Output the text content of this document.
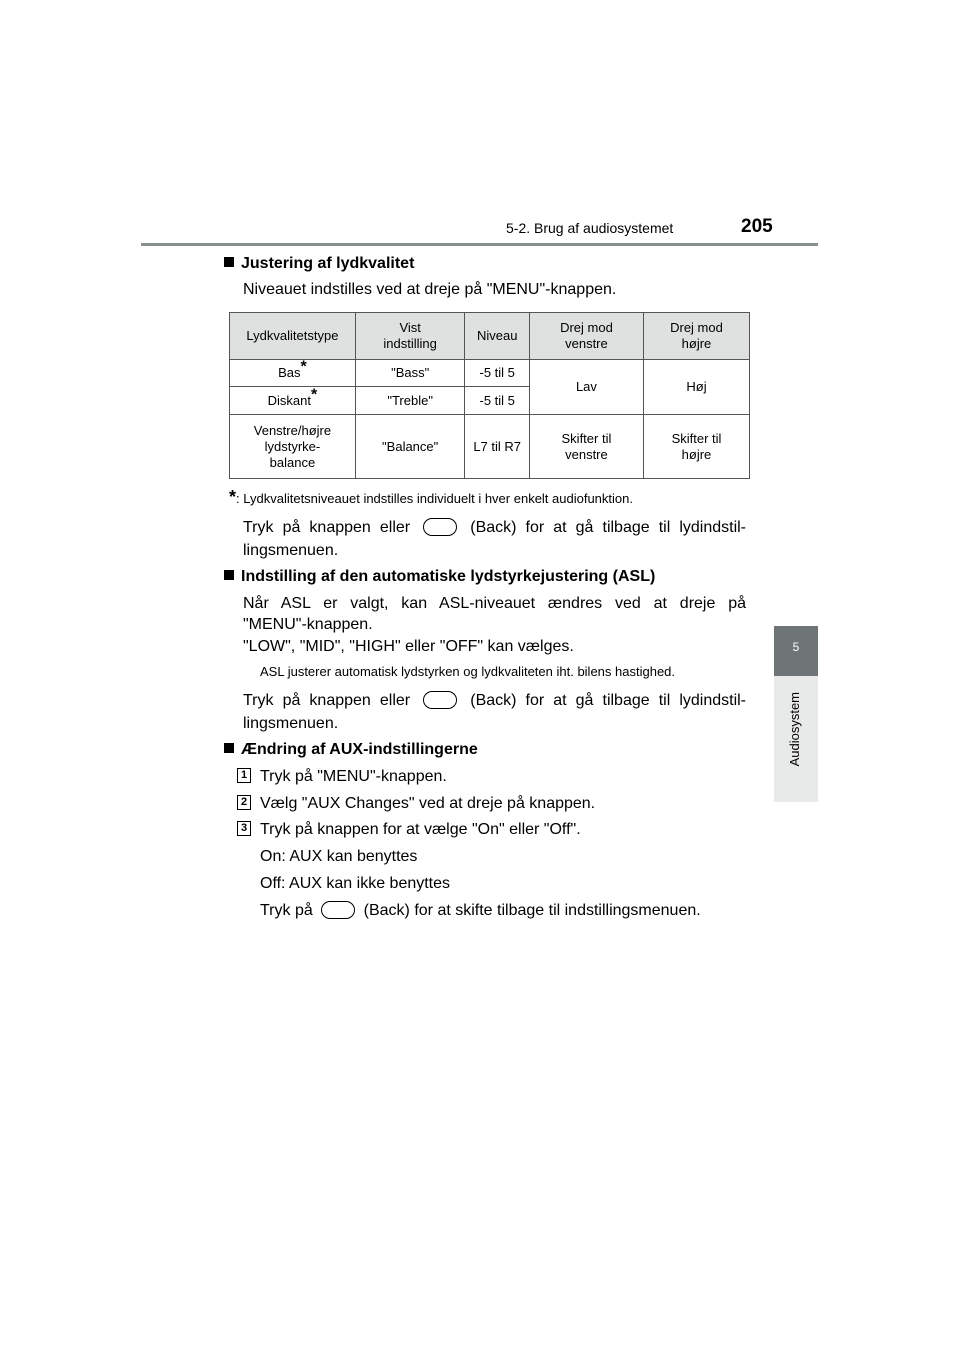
5-2. Brug af audiosystemet	205
5
Audiosystem
Justering af lydkvalitet
Niveauet indstilles ved at dreje på "MENU"-knappen.
Lydkvalitetstype	Vist indstilling	Niveau	Drej mod venstre	Drej mod højre
Bas*	"Bass"	-5 til 5	Lav	Høj
Diskant*	"Treble"	-5 til 5		
Venstre/højre lydstyrke-balance	"Balance"	L7 til R7	Skifter til venstre	Skifter til højre
*: Lydkvalitetsniveauet indstilles individuelt i hver enkelt audiofunktion.
Tryk på knappen eller	(Back) for at gå tilbage til lydindstil-
lingsmenuen.
Indstilling af den automatiske lydstyrkejustering (ASL)
Når ASL er valgt, kan ASL-niveauet ændres ved at dreje på
"MENU"-knappen.
"LOW", "MID", "HIGH" eller "OFF" kan vælges.
ASL justerer automatisk lydstyrken og lydkvaliteten iht. bilens hastighed.
Tryk på knappen eller	(Back) for at gå tilbage til lydindstil-
lingsmenuen.
Ændring af AUX-indstillingerne
1 Tryk på "MENU"-knappen.
2 Vælg "AUX Changes" ved at dreje på knappen.
3 Tryk på knappen for at vælge "On" eller "Off".
On: AUX kan benyttes
Off: AUX kan ikke benyttes
Tryk på	(Back) for at skifte tilbage til indstillingsmenuen.
